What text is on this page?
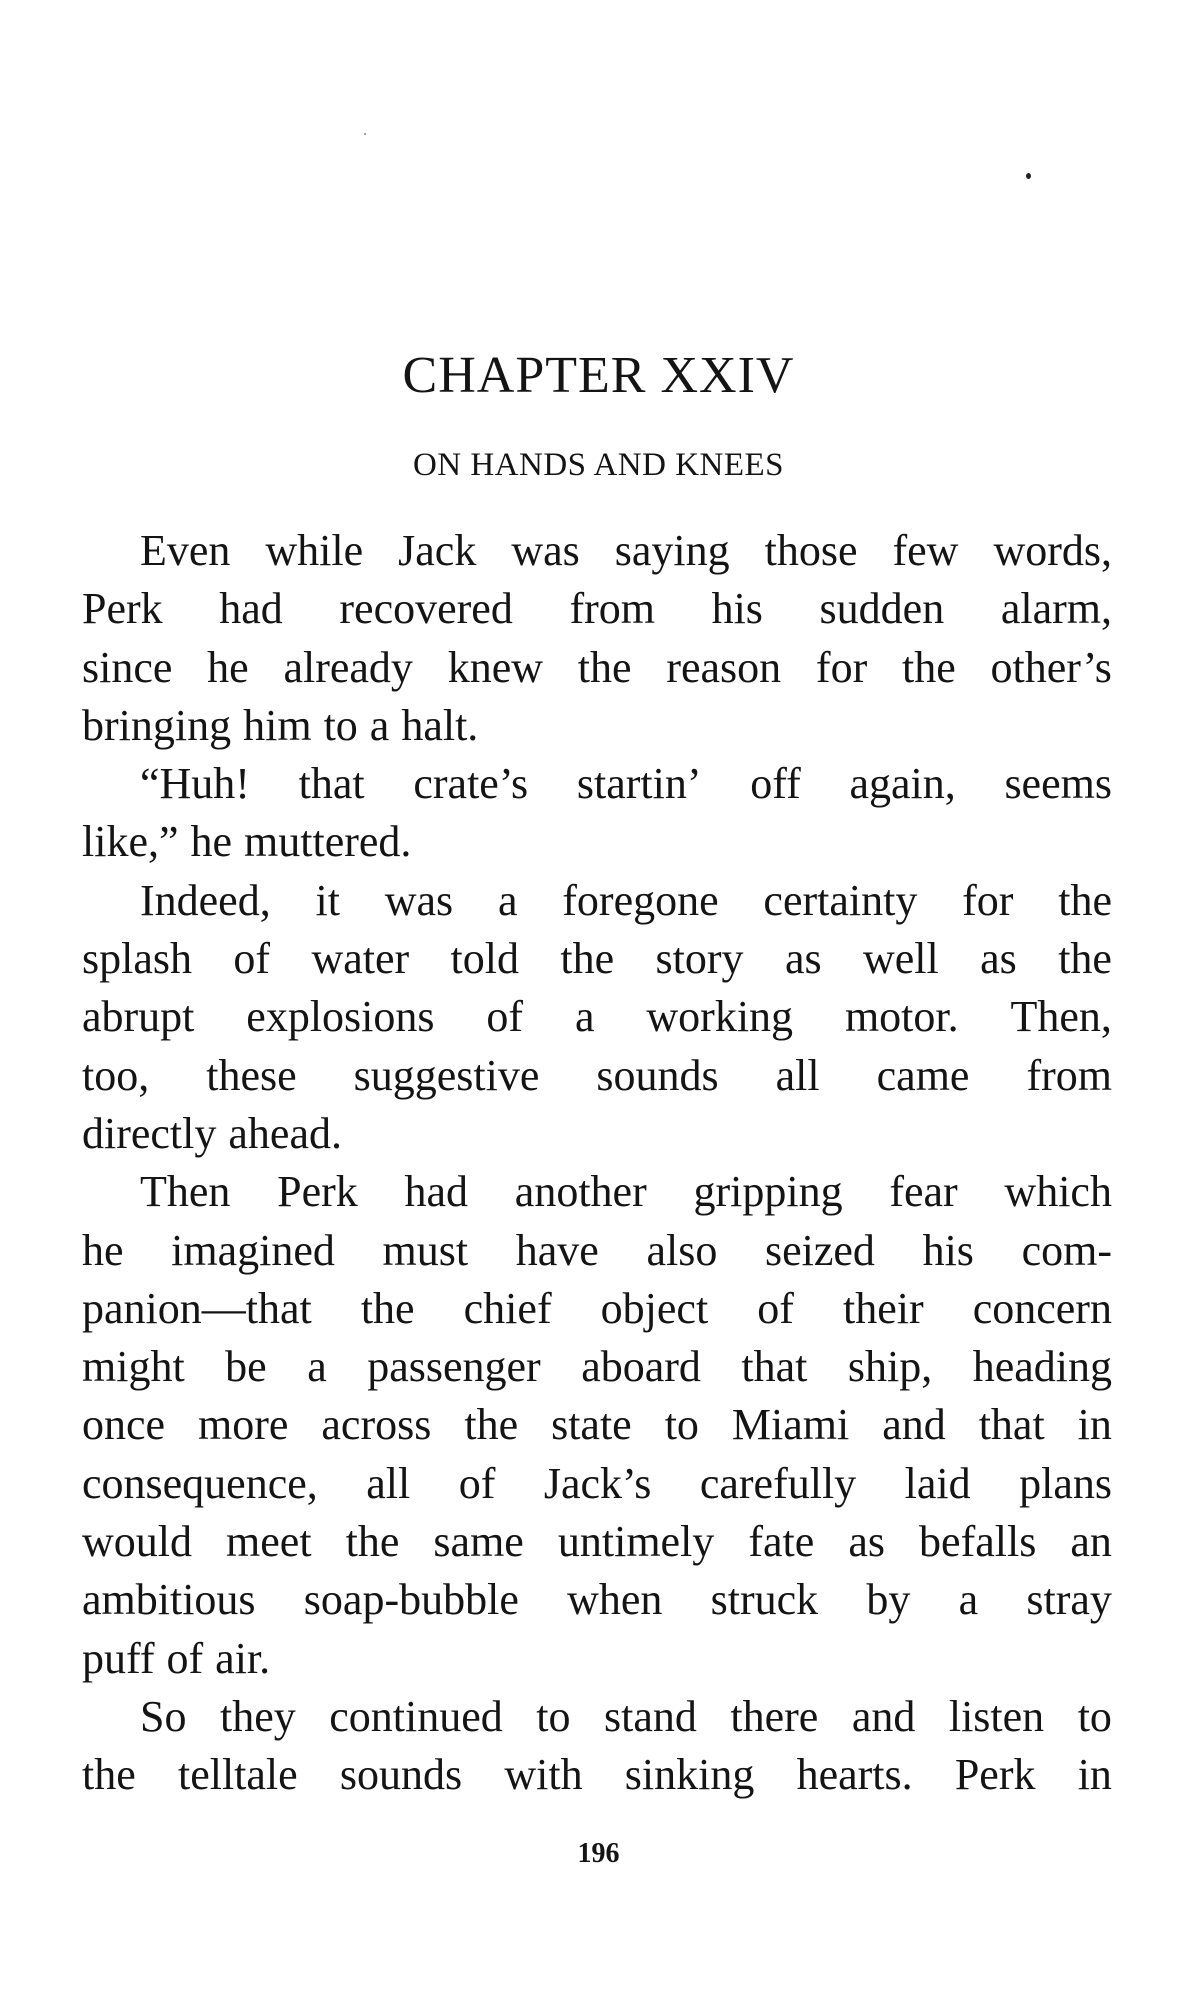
CHAPTER XXIV
ON HANDS AND KNEES
Even while Jack was saying those few words,
Perk had recovered from his sudden alarm,
since he already knew the reason for the other’s
bringing him to a halt.
“Huh! that crate’s startin’ off again, seems
like,” he muttered.
Indeed, it was a foregone certainty for the
splash of water told the story as well as the
abrupt explosions of a working motor. Then,
too, these suggestive sounds all came from
directly ahead.
Then Perk had another gripping fear which
he imagined must have also seized his com-
panion—that the chief object of their concern
might be a passenger aboard that ship, heading
once more across the state to Miami and that in
consequence, all of Jack’s carefully laid plans
would meet the same untimely fate as befalls an
ambitious soap-bubble when struck by a stray
puff of air.
So they continued to stand there and listen to
the telltale sounds with sinking hearts. Perk in
196
